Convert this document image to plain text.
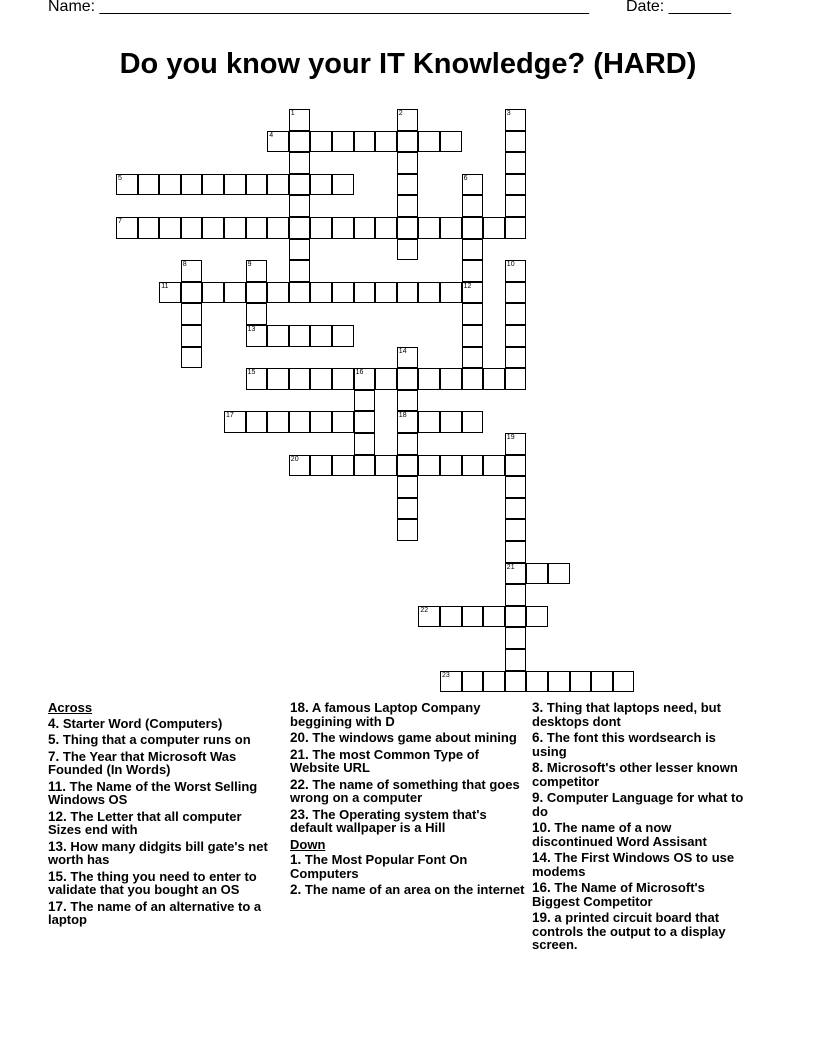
Name: _______________________________________________________ Date: _______
Do you know your IT Knowledge? (HARD)
4
5
7
11
13
15	16
17	18
20
21
22
23
1	2	3
6
12
8	9	10
14
19
Across
4. Starter Word (Computers)
5. Thing that a computer runs on
7. The Year that Microsoft Was Founded (In Words)
11. The Name of the Worst Selling Windows OS
12. The Letter that all computer Sizes end with
13. How many didgits bill gate's net worth has
15. The thing you need to enter to validate that you bought an OS
17. The name of an alternative to a laptop
18. A famous Laptop Company beggining with D
20. The windows game about mining
21. The most Common Type of Website URL
22. The name of something that goes wrong on a computer
23. The Operating system that's default wallpaper is a Hill
Down
1. The Most Popular Font On Computers
2. The name of an area on the internet
3. Thing that laptops need, but desktops dont
6. The font this wordsearch is using
8. Microsoft's other lesser known competitor
9. Computer Language for what to do
10. The name of a now discontinued Word Assisant
14. The First Windows OS to use modems
16. The Name of Microsoft's Biggest Competitor
19. a printed circuit board that controls the output to a display screen.
